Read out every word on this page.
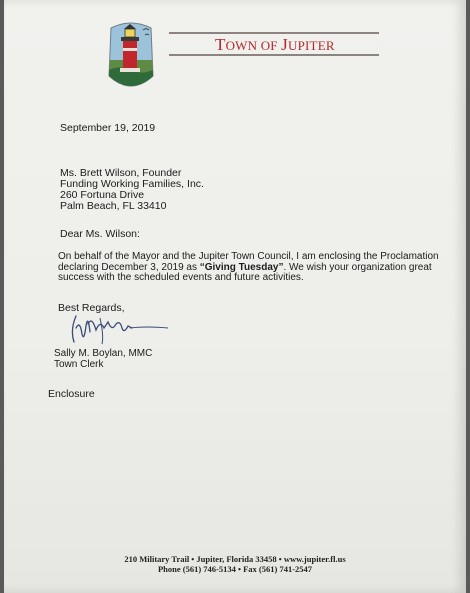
TOWN OF JUPITER
September 19, 2019
Ms. Brett Wilson, Founder
Funding Working Families, Inc.
260 Fortuna Drive
Palm Beach, FL 33410
Dear Ms. Wilson:
On behalf of the Mayor and the Jupiter Town Council, I am enclosing the Proclamation
declaring December 3, 2019 as “Giving Tuesday”. We wish your organization great
success with the scheduled events and future activities.
Best Regards,
Sally M. Boylan, MMC
Town Clerk
Enclosure
210 Military Trail • Jupiter, Florida 33458 • www.jupiter.fl.us
Phone (561) 746-5134 • Fax (561) 741-2547
